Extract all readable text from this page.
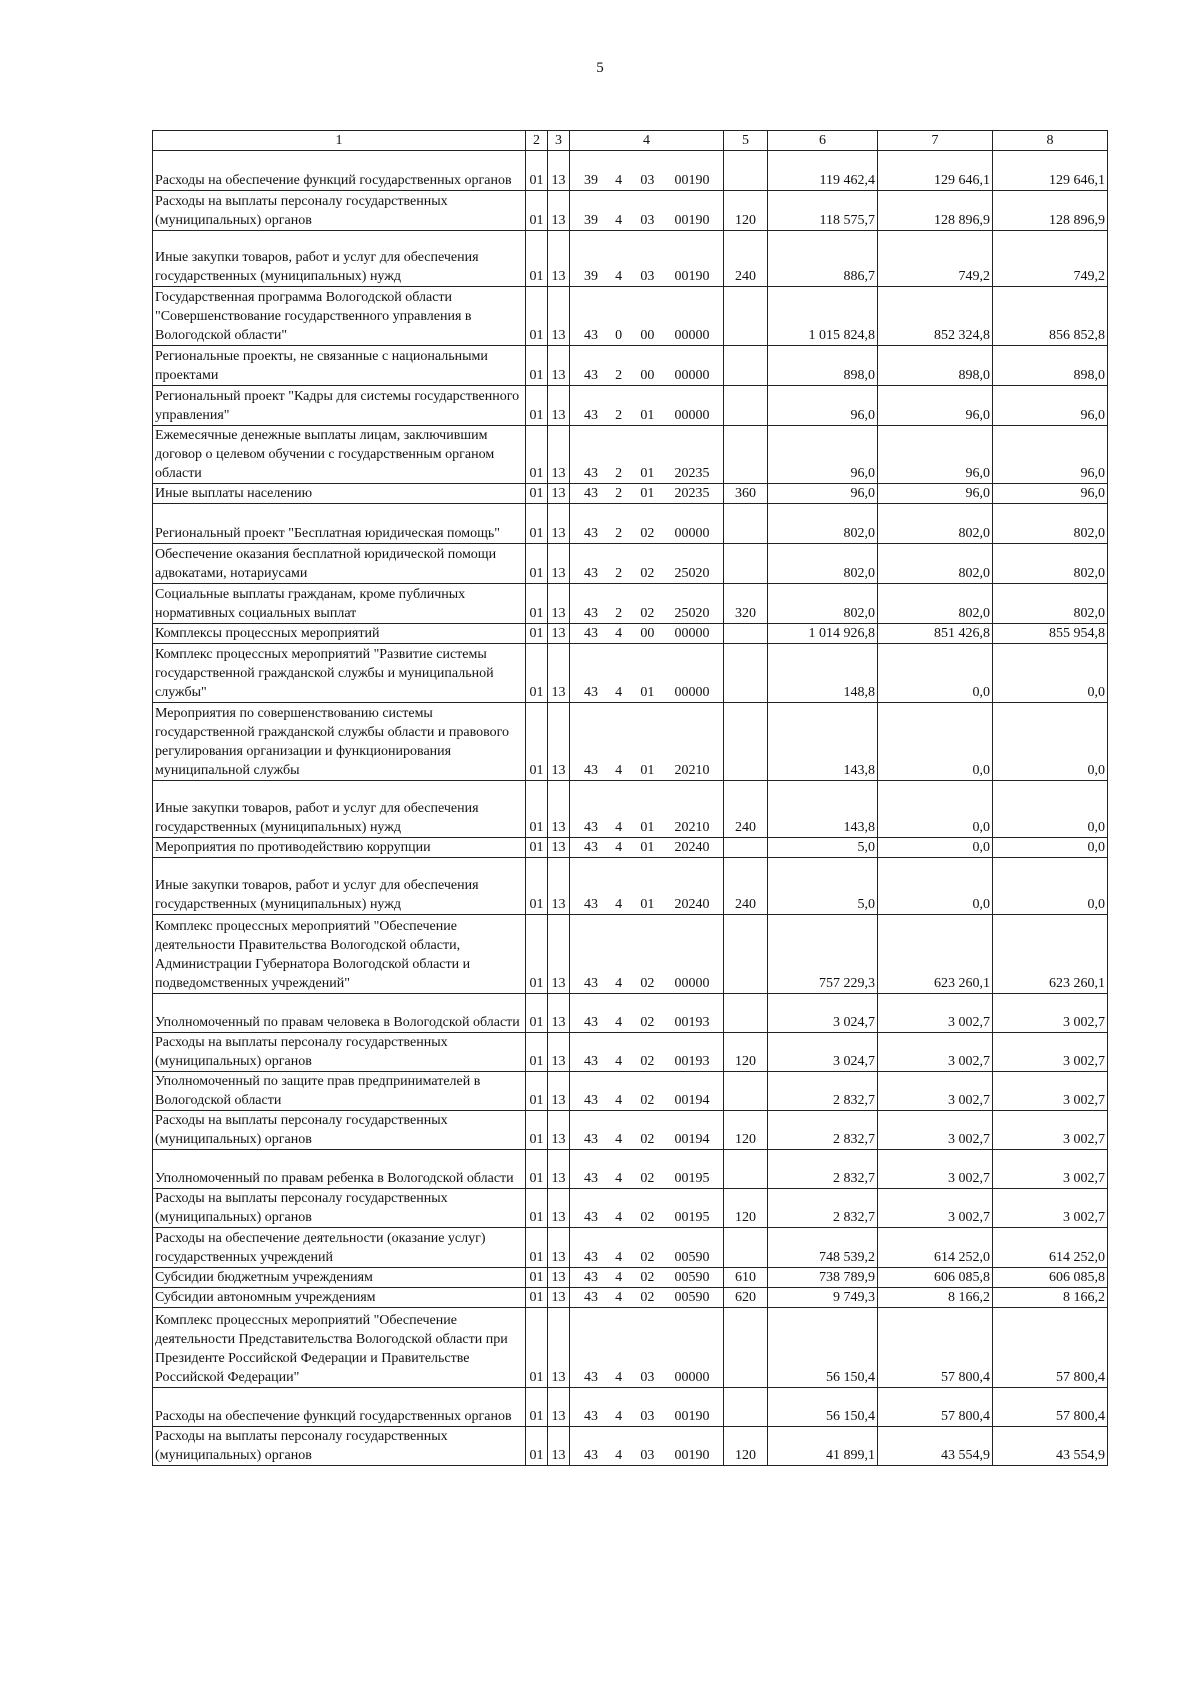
5
1	2	3	4	5	6	7	8
Расходы на обеспечение функций государственных органов	01	13	39 4 03 00190		119 462,4	129 646,1	129 646,1
Расходы на выплаты персоналу государственных (муниципальных) органов	01	13	39 4 03 00190	120	118 575,7	128 896,9	128 896,9
Иные закупки товаров, работ и услуг для обеспечения государственных (муниципальных) нужд	01	13	39 4 03 00190	240	886,7	749,2	749,2
Государственная программа Вологодской области "Совершенствование государственного управления в Вологодской области"	01	13	43 0 00 00000		1 015 824,8	852 324,8	856 852,8
Региональные проекты, не связанные с национальными проектами	01	13	43 2 00 00000		898,0	898,0	898,0
Региональный проект "Кадры для системы государственного управления"	01	13	43 2 01 00000		96,0	96,0	96,0
Ежемесячные денежные выплаты лицам, заключившим договор о целевом обучении с государственным органом области	01	13	43 2 01 20235		96,0	96,0	96,0
Иные выплаты населению	01	13	43 2 01 20235	360	96,0	96,0	96,0
Региональный проект "Бесплатная юридическая помощь"	01	13	43 2 02 00000		802,0	802,0	802,0
Обеспечение оказания бесплатной юридической помощи адвокатами, нотариусами	01	13	43 2 02 25020		802,0	802,0	802,0
Социальные выплаты гражданам, кроме публичных нормативных социальных выплат	01	13	43 2 02 25020	320	802,0	802,0	802,0
Комплексы процессных мероприятий	01	13	43 4 00 00000		1 014 926,8	851 426,8	855 954,8
Комплекс процессных мероприятий "Развитие системы государственной гражданской службы и муниципальной службы"	01	13	43 4 01 00000		148,8	0,0	0,0
Мероприятия по совершенствованию системы государственной гражданской службы области и правового регулирования организации и функционирования муниципальной службы	01	13	43 4 01 20210		143,8	0,0	0,0
Иные закупки товаров, работ и услуг для обеспечения государственных (муниципальных) нужд	01	13	43 4 01 20210	240	143,8	0,0	0,0
Мероприятия по противодействию коррупции	01	13	43 4 01 20240		5,0	0,0	0,0
Иные закупки товаров, работ и услуг для обеспечения государственных (муниципальных) нужд	01	13	43 4 01 20240	240	5,0	0,0	0,0
Комплекс процессных мероприятий "Обеспечение деятельности Правительства Вологодской области, Администрации Губернатора Вологодской области и подведомственных учреждений"	01	13	43 4 02 00000		757 229,3	623 260,1	623 260,1
Уполномоченный по правам человека в Вологодской области	01	13	43 4 02 00193		3 024,7	3 002,7	3 002,7
Расходы на выплаты персоналу государственных (муниципальных) органов	01	13	43 4 02 00193	120	3 024,7	3 002,7	3 002,7
Уполномоченный по защите прав предпринимателей в Вологодской области	01	13	43 4 02 00194		2 832,7	3 002,7	3 002,7
Расходы на выплаты персоналу государственных (муниципальных) органов	01	13	43 4 02 00194	120	2 832,7	3 002,7	3 002,7
Уполномоченный по правам ребенка в Вологодской области	01	13	43 4 02 00195		2 832,7	3 002,7	3 002,7
Расходы на выплаты персоналу государственных (муниципальных) органов	01	13	43 4 02 00195	120	2 832,7	3 002,7	3 002,7
Расходы на обеспечение деятельности (оказание услуг) государственных учреждений	01	13	43 4 02 00590		748 539,2	614 252,0	614 252,0
Субсидии бюджетным учреждениям	01	13	43 4 02 00590	610	738 789,9	606 085,8	606 085,8
Субсидии автономным учреждениям	01	13	43 4 02 00590	620	9 749,3	8 166,2	8 166,2
Комплекс процессных мероприятий "Обеспечение деятельности Представительства Вологодской области при Президенте Российской Федерации и Правительстве Российской Федерации"	01	13	43 4 03 00000		56 150,4	57 800,4	57 800,4
Расходы на обеспечение функций государственных органов	01	13	43 4 03 00190		56 150,4	57 800,4	57 800,4
Расходы на выплаты персоналу государственных (муниципальных) органов	01	13	43 4 03 00190	120	41 899,1	43 554,9	43 554,9
